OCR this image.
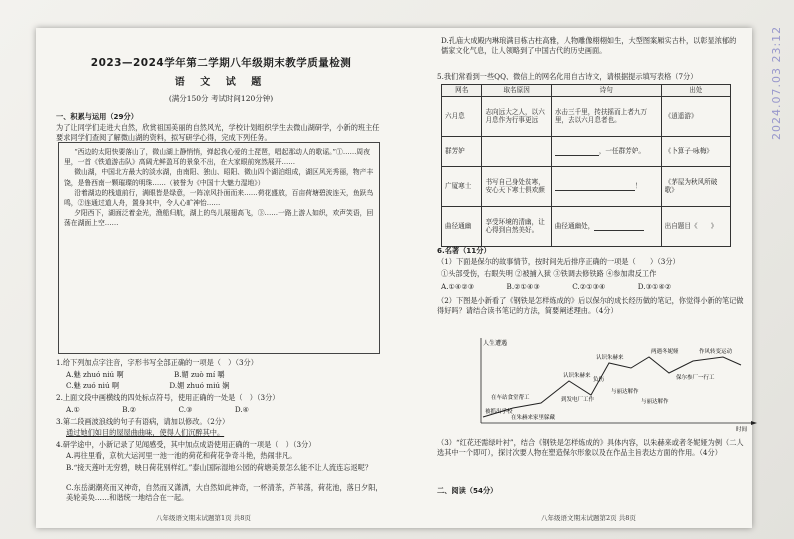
2023—2024学年第二学期八年级期末教学质量检测
语 文 试 题
(满分150分 考试时间120分钟)
一、积累与运用（29分）
为了让同学们走进大自然，欣赏祖国美丽的自然风光，学校计划组织学生去微山湖研学，小新的班主任要求同学们查阅了解微山湖的资料，拟写研学心得，完成下列任务。

“西边的太阳快要落山了，微山湖上静悄悄，弹起我心爱的土琵琶，唱起那动人的歌谣。”①……周夜里，一首《铁道游击队》高阔尤鲜盈耳的景象不出，在大家眼前宛然展开……

微山湖，中国北方最大的淡水湖，由南阳、独山、昭阳、微山四个湖泊组成，湖区风光秀丽，物产丰饶，是鲁西南一颗璀璨的明珠……（被誉为《中国十大魅力湿地》）

沿着湖边的栈道前行，满眼皆是绿意，一阵凉风扑面而来……荷花盛放，百亩荷塘碧波连天，鱼跃鸟鸣，②连通过道人舟，置身其中，令人心旷神怡……

夕阳西下，湖面泛着金光，渔船归航，湖上的鸟儿展翅高飞，③……一路上游人如织，欢声笑语，回荡在湖面上空……

1.给下列加点字注音，字形书写全部正确的一项是（　）（3分）
A.魅 zhuó niú 啊	B.媚 zuò mí 嚼
C.魅 zuó niú 啊	D.媚 zhuó miú 娴
2.上面文段中画横线的四处标点符号，使用正确的一处是（　）（3分）
A.①	B.②	C.③	D.④
3.第二段画波浪线的句子有语病，请加以修改。（2分）
通过她们如目的屋屋曲曲味，使得人们沉醉其中。
4.研学途中，小新记录了见闻感受，其中加点成语使用正确的一项是（　）（3分）
A.再往里看，京杭大运河里一池一池的荷花和荷花争奇斗艳，热闹非凡。
B.“接天莲叶无穷碧，映日荷花别样红。”泰山国际湿地公园的荷塘美景怎么能不让人流连忘返呢？
C.东岳湖潮亮而又神奇，自然而又潇洒，大自然如此神奇，一杯清茶，芦苇荡，荷花池，落日夕阳，美轮美奂……和谐统一地结合在一起。
八年级语文期末试题第1页 共8页
D.孔庙大成殿内琳琅满目栋古柱高雅，人物雕像栩栩如生，大型图案厢实古朴，以彰显浓郁的儒家文化气息，让人领略到了中国古代的历史画面。
5.我们常看到一些QQ、微信上的网名化用自古诗文，请根据提示填写表格（7分）
网名	取名原因	诗句	出处
六月息	志向远大之人，以六月息作为行事更远	水击三千里，抟扶摇而上者九万里，去以六月息者也。	《逍遥游》
群芳妒		，一任群芳妒。	《卜算子·咏梅》
广厦寒士	书写自己身处贫寒，安心天下寒士俱欢颜	！	《茅屋为秋风所破歌》
曲径通幽	享受环境的清幽，让心得到自然美好。	曲径通幽处，	出自题目《　　》
6.名著（11分）
（1）下面是保尔的故事情节，按时间先后排序正确的一项是（　　）（3分）
①头部受伤，右眼失明 ②被捕入狱 ③铁调去修铁路 ④参加肃反工作
A.①④②③	B.②①④③	C.②①③④	D.③①④②
（2）下图是小新看了《钢铁是怎样炼成的》后以保尔的成长经历做的笔记，你觉得小新的笔记做得好吗？请结合读书笔记的方法，简要阐述理由。（4分）
人生遭遇
认识朱赫来
认识朱赫来
两遇冬妮娅
在车站食堂帮工
被抓出学校
到发电厂工作
与丽达解作
保尔参厂一行工
作风转变运动
时间
负伤
与丽达解作
在朱赫来家里躲藏
（3）“红花还需绿叶衬”，结合《钢铁是怎样炼成的》具体内容，以朱赫来或者冬妮娅为例（二人选其中一个即可），探讨次要人物在塑造保尔形象以及在作品主旨表达方面的作用。（4分）
二、阅读（54分）
八年级语文期末试题第2页 共8页
2024.07.03 23:12
